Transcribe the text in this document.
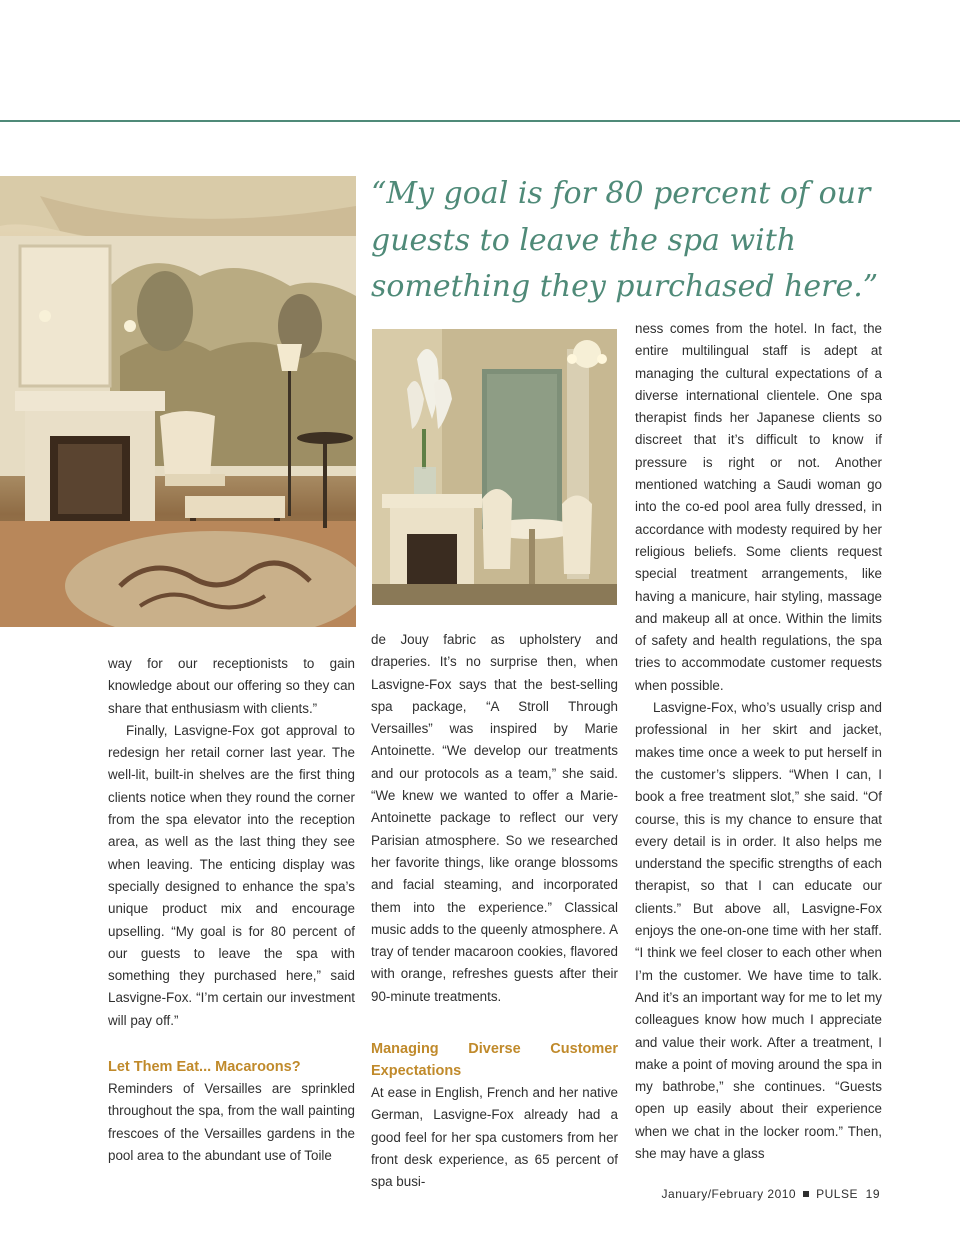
“My goal is for 80 percent of our guests to leave the spa with something they purchased here.”

way for our receptionists to gain knowledge about our offering so they can share that enthusiasm with clients.”

Finally, Lasvigne-Fox got approval to redesign her retail corner last year. The well-lit, built-in shelves are the first thing clients notice when they round the corner from the spa elevator into the reception area, as well as the last thing they see when leaving. The enticing display was specially designed to enhance the spa’s unique product mix and encourage upselling. “My goal is for 80 percent of our guests to leave the spa with something they purchased here,” said Lasvigne-Fox. “I’m certain our investment will pay off.”

Let Them Eat... Macaroons?

Reminders of Versailles are sprinkled throughout the spa, from the wall painting frescoes of the Versailles gardens in the pool area to the abundant use of Toile

de Jouy fabric as upholstery and draperies. It’s no surprise then, when Lasvigne-Fox says that the best-selling spa package, “A Stroll Through Versailles” was inspired by Marie Antoinette. “We develop our treatments and our protocols as a team,” she said. “We knew we wanted to offer a Marie-Antoinette package to reflect our very Parisian atmosphere. So we researched her favorite things, like orange blossoms and facial steaming, and incorporated them into the experience.” Classical music adds to the queenly atmosphere. A tray of tender macaroon cookies, flavored with orange, refreshes guests after their 90-minute treatments.

Managing Diverse Customer Expectations

At ease in English, French and her native German, Lasvigne-Fox already had a good feel for her spa customers from her front desk experience, as 65 percent of spa busi-

ness comes from the hotel. In fact, the entire multilingual staff is adept at managing the cultural expectations of a diverse international clientele. One spa therapist finds her Japanese clients so discreet that it’s difficult to know if pressure is right or not. Another mentioned watching a Saudi woman go into the co-ed pool area fully dressed, in accordance with modesty required by her religious beliefs. Some clients request special treatment arrangements, like having a manicure, hair styling, massage and makeup all at once. Within the limits of safety and health regulations, the spa tries to accommodate customer requests when possible.

Lasvigne-Fox, who’s usually crisp and professional in her skirt and jacket, makes time once a week to put herself in the customer’s slippers. “When I can, I book a free treatment slot,” she said. “Of course, this is my chance to ensure that every detail is in order. It also helps me understand the specific strengths of each therapist, so that I can educate our clients.” But above all, Lasvigne-Fox enjoys the one-on-one time with her staff. “I think we feel closer to each other when I’m the customer. We have time to talk. And it’s an important way for me to let my colleagues know how much I appreciate and value their work. After a treatment, I make a point of moving around the spa in my bathrobe,” she continues. “Guests open up easily about their experience when we chat in the locker room.” Then, she may have a glass

January/February 2010 PULSE 19
